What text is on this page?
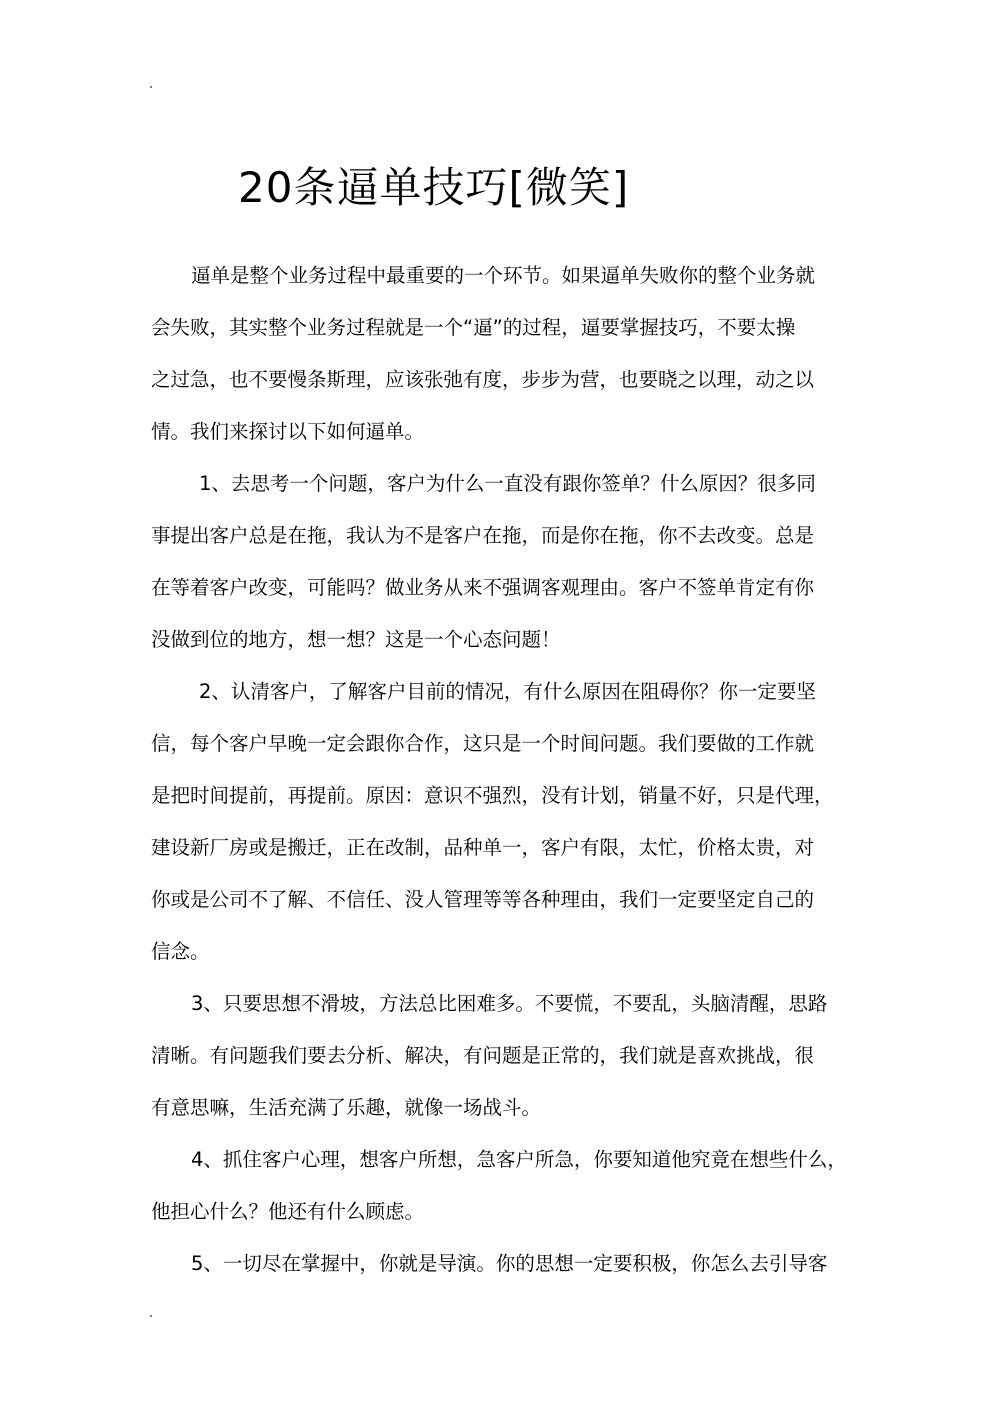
20条逼单技巧[微笑]
逼单是整个业务过程中最重要的一个环节。如果逼单失败你的整个业务就
会失败，其实整个业务过程就是一个“逼”的过程，逼要掌握技巧，不要太操
之过急，也不要慢条斯理，应该张弛有度，步步为营，也要晓之以理，动之以
情。我们来探讨以下如何逼单。
1、去思考一个问题，客户为什么一直没有跟你签单？什么原因？很多同
事提出客户总是在拖，我认为不是客户在拖，而是你在拖，你不去改变。总是
在等着客户改变，可能吗？做业务从来不强调客观理由。客户不签单肯定有你
没做到位的地方，想一想？这是一个心态问题！
2、认清客户，了解客户目前的情况，有什么原因在阻碍你？你一定要坚
信，每个客户早晚一定会跟你合作，这只是一个时间问题。我们要做的工作就
是把时间提前，再提前。原因：意识不强烈，没有计划，销量不好，只是代理，
建设新厂房或是搬迁，正在改制，品种单一，客户有限，太忙，价格太贵，对
你或是公司不了解、不信任、没人管理等等各种理由，我们一定要坚定自己的
信念。
3、只要思想不滑坡，方法总比困难多。不要慌，不要乱，头脑清醒，思路
清晰。有问题我们要去分析、解决，有问题是正常的，我们就是喜欢挑战，很
有意思嘛，生活充满了乐趣，就像一场战斗。
4、抓住客户心理，想客户所想，急客户所急，你要知道他究竟在想些什么，
他担心什么？他还有什么顾虑。
5、一切尽在掌握中，你就是导演。你的思想一定要积极，你怎么去引导客
